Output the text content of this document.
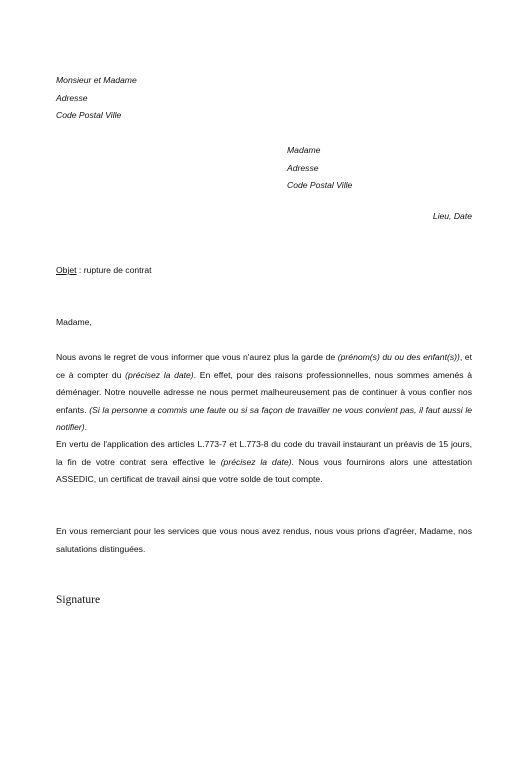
Monsieur et Madame
Adresse
Code Postal Ville
Madame
Adresse
Code Postal Ville
Lieu, Date
Objet : rupture de contrat
Madame,
Nous avons le regret de vous informer que vous n'aurez plus la garde de (prénom(s) du ou des enfant(s)), et ce à compter du (précisez la date). En effet, pour des raisons professionnelles, nous sommes amenés à déménager. Notre nouvelle adresse ne nous permet malheureusement pas de continuer à vous confier nos enfants. (Si la personne a commis une faute ou si sa façon de travailler ne vous convient pas, il faut aussi le notifier).
En vertu de l'application des articles L.773-7 et L.773-8 du code du travail instaurant un préavis de 15 jours, la fin de votre contrat sera effective le (précisez la date). Nous vous fournirons alors une attestation ASSEDIC, un certificat de travail ainsi que votre solde de tout compte.
En vous remerciant pour les services que vous nous avez rendus, nous vous prions d'agréer, Madame, nos salutations distinguées.
Signature
